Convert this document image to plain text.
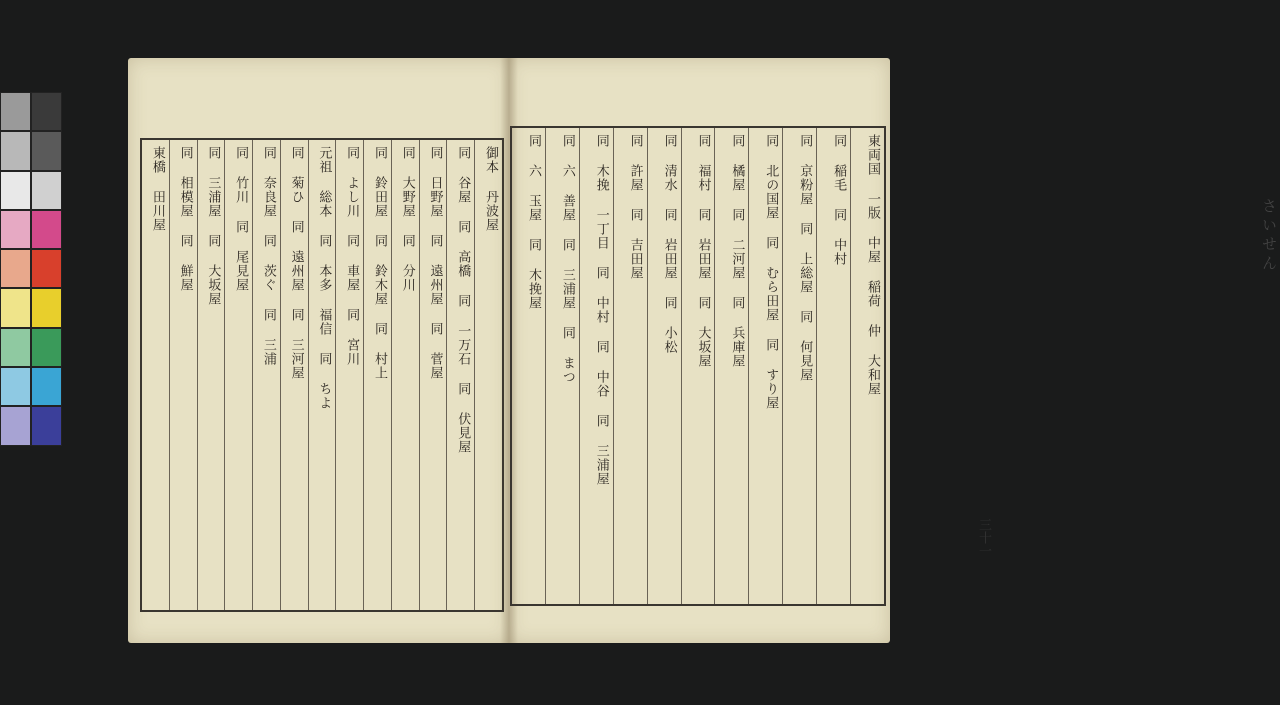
御本 丹波屋
同 谷屋 同 高橋 同 一万石 同 伏見屋
同 日野屋 同 遠州屋 同 菅屋
同 大野屋 同 分川
同 鈴田屋 同 鈴木屋 同 村上
同 よし川 同 車屋 同 宮川
元祖 総本 同 本多 福信 同 ちよ
同 菊ひ 同 遠州屋 同 三河屋
同 奈良屋 同 茨ぐ 同 三浦
同 竹川 同 尾見屋
同 三浦屋 同 大坂屋
同 相模屋 同 鮮屋
東橋 田川屋
さいせん
東両国 一版 中屋 稲荷 仲 大和屋
同 稲毛 同 中村
同 京粉屋 同 上総屋 同 何見屋
同 北の国屋 同 むら田屋 同 すり屋
同 橘屋 同 二河屋 同 兵庫屋
同 福村 同 岩田屋 同 大坂屋
同 清水 同 岩田屋 同 小松
同 許屋 同 吉田屋
同 木挽 一丁目 同 中村 同 中谷 同 三浦屋
同 六 善屋 同 三浦屋 同 まつ
同 六 玉屋 同 木挽屋
三十一
